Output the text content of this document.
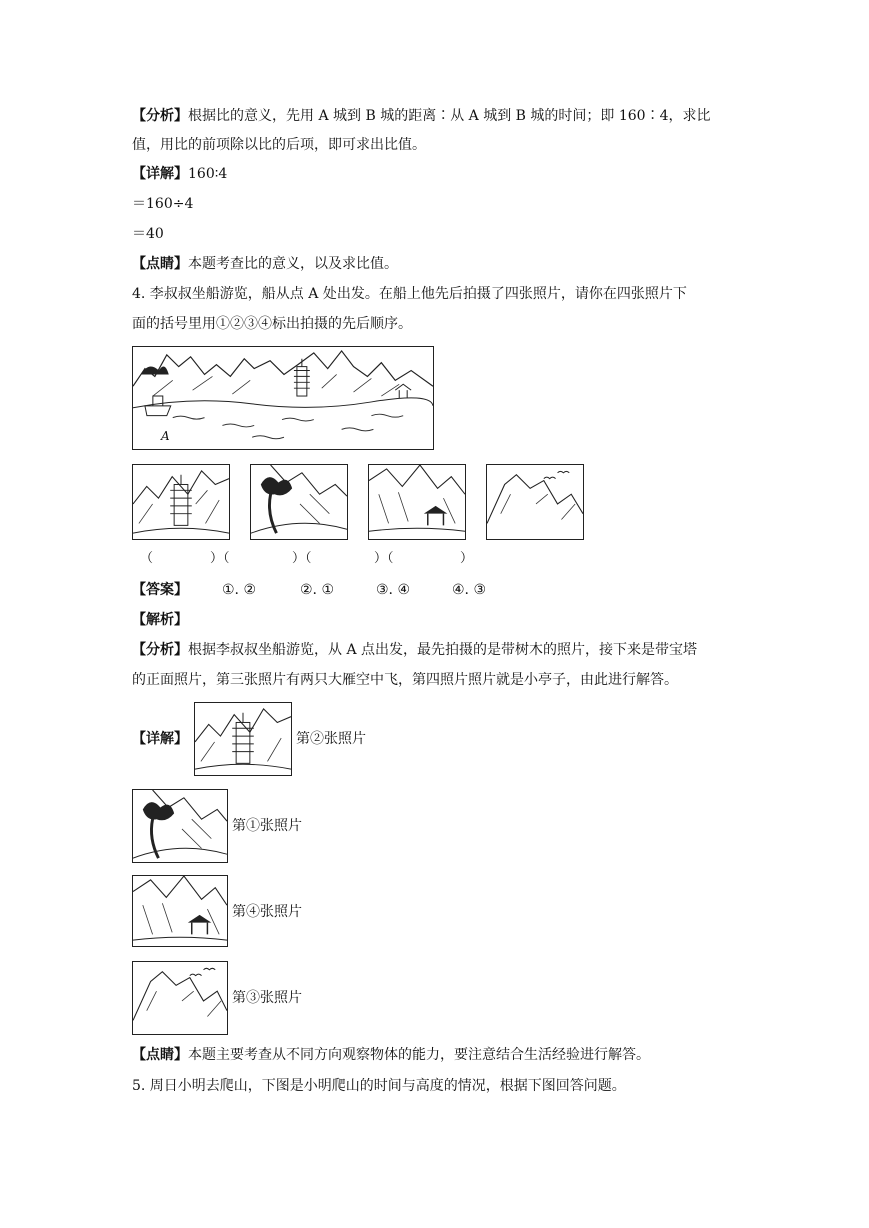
【分析】根据比的意义，先用 A 城到 B 城的距离∶从 A 城到 B 城的时间；即 160∶4，求比
值，用比的前项除以比的后项，即可求出比值。
【详解】160∶4
＝160÷4
＝40
【点睛】本题考查比的意义，以及求比值。
4. 李叔叔坐船游览，船从点 A 处出发。在船上他先后拍摄了四张照片，请你在四张照片下
面的括号里用①②③④标出拍摄的先后顺序。
A
（	）（	）（	）（	）
【答案】 ①. ②	②. ①	③. ④	④. ③
【解析】
【分析】根据李叔叔坐船游览，从 A 点出发，最先拍摄的是带树木的照片，接下来是带宝塔
的正面照片，第三张照片有两只大雁空中飞，第四照片照片就是小亭子，由此进行解答。
【详解】	第②张照片
第①张照片
第④张照片
第③张照片
【点睛】本题主要考查从不同方向观察物体的能力，要注意结合生活经验进行解答。
5. 周日小明去爬山，下图是小明爬山的时间与高度的情况，根据下图回答问题。
